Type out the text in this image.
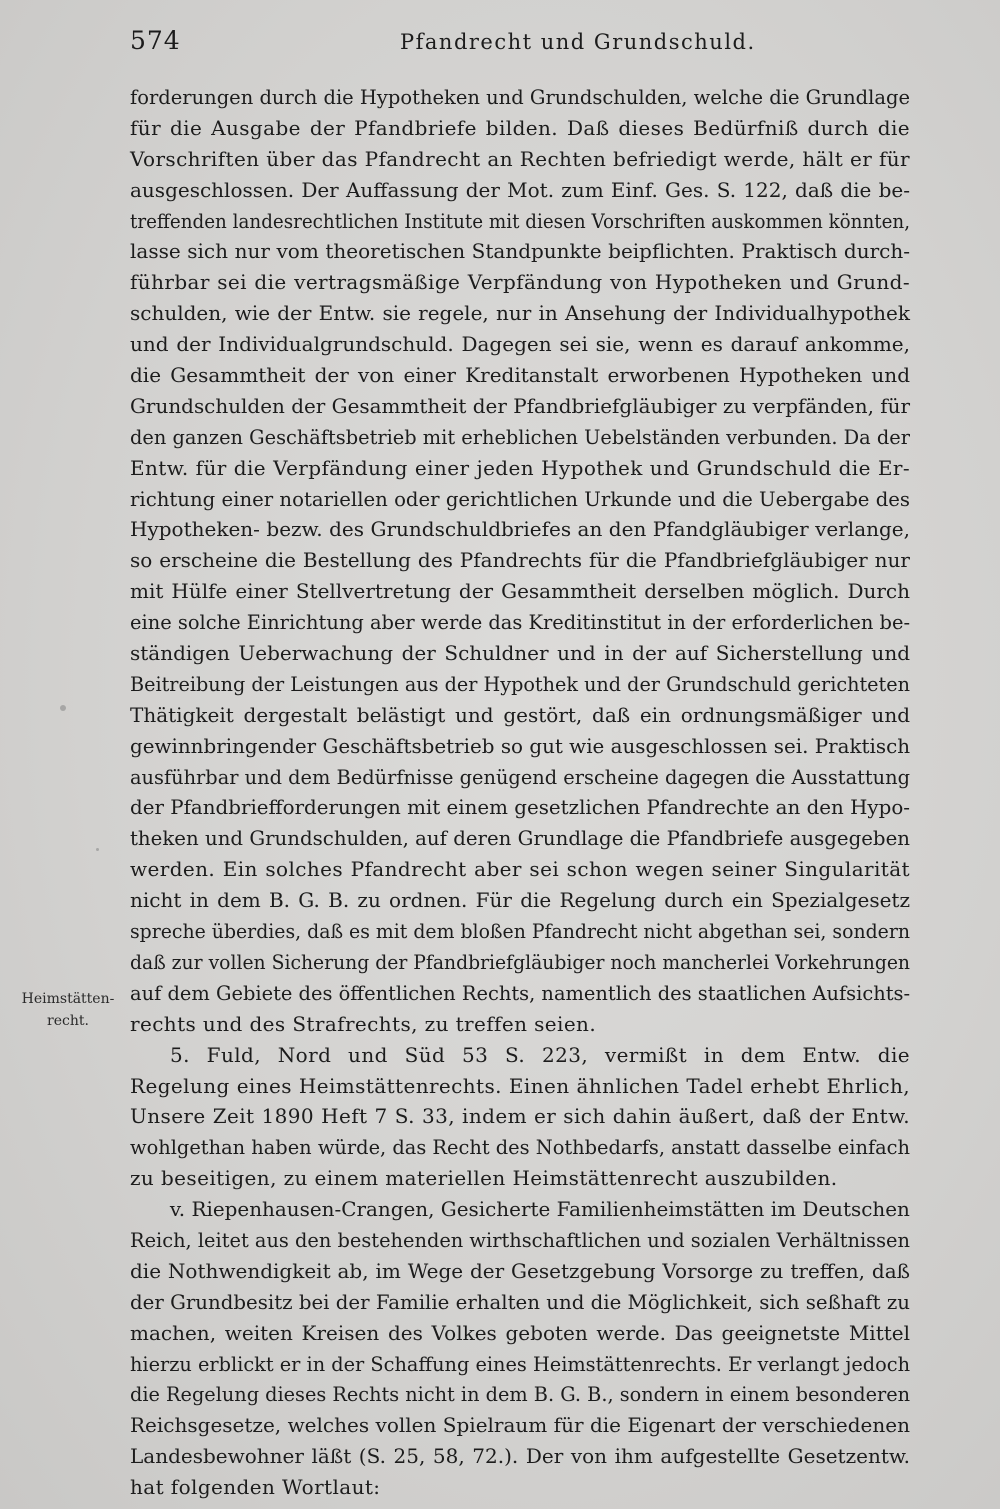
574	Pfandrecht und Grundschuld.
Heimstätten-
recht.
forderungen durch die Hypotheken und Grundschulden, welche die Grundlage
für die Ausgabe der Pfandbriefe bilden. Daß dieses Bedürfniß durch die
Vorschriften über das Pfandrecht an Rechten befriedigt werde, hält er für
ausgeschlossen. Der Auffassung der Mot. zum Einf. Ges. S. 122, daß die be-
treffenden landesrechtlichen Institute mit diesen Vorschriften auskommen könnten,
lasse sich nur vom theoretischen Standpunkte beipflichten. Praktisch durch-
führbar sei die vertragsmäßige Verpfändung von Hypotheken und Grund-
schulden, wie der Entw. sie regele, nur in Ansehung der Individualhypothek
und der Individualgrundschuld. Dagegen sei sie, wenn es darauf ankomme,
die Gesammtheit der von einer Kreditanstalt erworbenen Hypotheken und
Grundschulden der Gesammtheit der Pfandbriefgläubiger zu verpfänden, für
den ganzen Geschäftsbetrieb mit erheblichen Uebelständen verbunden. Da der
Entw. für die Verpfändung einer jeden Hypothek und Grundschuld die Er-
richtung einer notariellen oder gerichtlichen Urkunde und die Uebergabe des
Hypotheken- bezw. des Grundschuldbriefes an den Pfandgläubiger verlange,
so erscheine die Bestellung des Pfandrechts für die Pfandbriefgläubiger nur
mit Hülfe einer Stellvertretung der Gesammtheit derselben möglich. Durch
eine solche Einrichtung aber werde das Kreditinstitut in der erforderlichen be-
ständigen Ueberwachung der Schuldner und in der auf Sicherstellung und
Beitreibung der Leistungen aus der Hypothek und der Grundschuld gerichteten
Thätigkeit dergestalt belästigt und gestört, daß ein ordnungsmäßiger und
gewinnbringender Geschäftsbetrieb so gut wie ausgeschlossen sei. Praktisch
ausführbar und dem Bedürfnisse genügend erscheine dagegen die Ausstattung
der Pfandbriefforderungen mit einem gesetzlichen Pfandrechte an den Hypo-
theken und Grundschulden, auf deren Grundlage die Pfandbriefe ausgegeben
werden. Ein solches Pfandrecht aber sei schon wegen seiner Singularität
nicht in dem B. G. B. zu ordnen. Für die Regelung durch ein Spezialgesetz
spreche überdies, daß es mit dem bloßen Pfandrecht nicht abgethan sei, sondern
daß zur vollen Sicherung der Pfandbriefgläubiger noch mancherlei Vorkehrungen
auf dem Gebiete des öffentlichen Rechts, namentlich des staatlichen Aufsichts-
rechts und des Strafrechts, zu treffen seien.
5. Fuld, Nord und Süd 53 S. 223, vermißt in dem Entw. die
Regelung eines Heimstättenrechts. Einen ähnlichen Tadel erhebt Ehrlich,
Unsere Zeit 1890 Heft 7 S. 33, indem er sich dahin äußert, daß der Entw.
wohlgethan haben würde, das Recht des Nothbedarfs, anstatt dasselbe einfach
zu beseitigen, zu einem materiellen Heimstättenrecht auszubilden.
v. Riepenhausen-Crangen, Gesicherte Familienheimstätten im Deutschen
Reich, leitet aus den bestehenden wirthschaftlichen und sozialen Verhältnissen
die Nothwendigkeit ab, im Wege der Gesetzgebung Vorsorge zu treffen, daß
der Grundbesitz bei der Familie erhalten und die Möglichkeit, sich seßhaft zu
machen, weiten Kreisen des Volkes geboten werde. Das geeignetste Mittel
hierzu erblickt er in der Schaffung eines Heimstättenrechts. Er verlangt jedoch
die Regelung dieses Rechts nicht in dem B. G. B., sondern in einem besonderen
Reichsgesetze, welches vollen Spielraum für die Eigenart der verschiedenen
Landesbewohner läßt (S. 25, 58, 72.). Der von ihm aufgestellte Gesetzentw.
hat folgenden Wortlaut:
